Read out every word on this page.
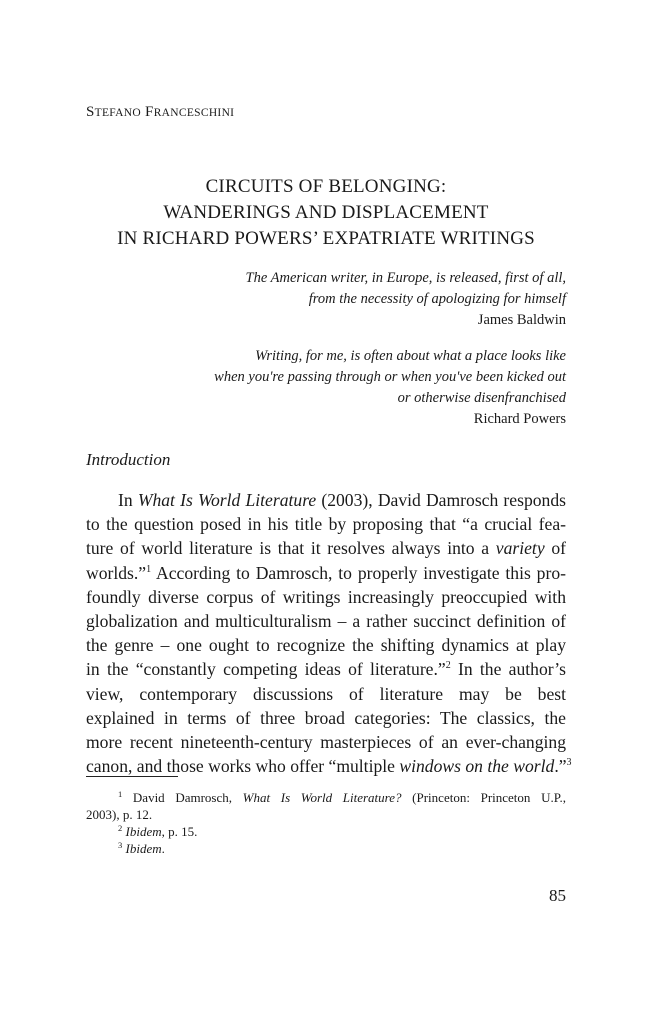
STEFANO FRANCESCHINI
CIRCUITS OF BELONGING:
WANDERINGS AND DISPLACEMENT
IN RICHARD POWERS’ EXPATRIATE WRITINGS
The American writer, in Europe, is released, first of all,
from the necessity of apologizing for himself
James Baldwin
Writing, for me, is often about what a place looks like
when you're passing through or when you've been kicked out
or otherwise disenfranchised
Richard Powers
Introduction
In What Is World Literature (2003), David Damrosch responds
to the question posed in his title by proposing that “a crucial fea-
ture of world literature is that it resolves always into a variety of
worlds.”$^1$ According to Damrosch, to properly investigate this pro-
foundly diverse corpus of writings increasingly preoccupied with
globalization and multiculturalism – a rather succinct definition of
the genre – one ought to recognize the shifting dynamics at play
in the “constantly competing ideas of literature.”$^2$ In the author’s
view, contemporary discussions of literature may be best
explained in terms of three broad categories: The classics, the
more recent nineteenth-century masterpieces of an ever-changing
canon, and those works who offer “multiple windows on the world.”$^3$
$^1$ David Damrosch, What Is World Literature? (Princeton: Princeton U.P.,
2003), p. 12.
$^2$ Ibidem, p. 15.
$^3$ Ibidem.
85
